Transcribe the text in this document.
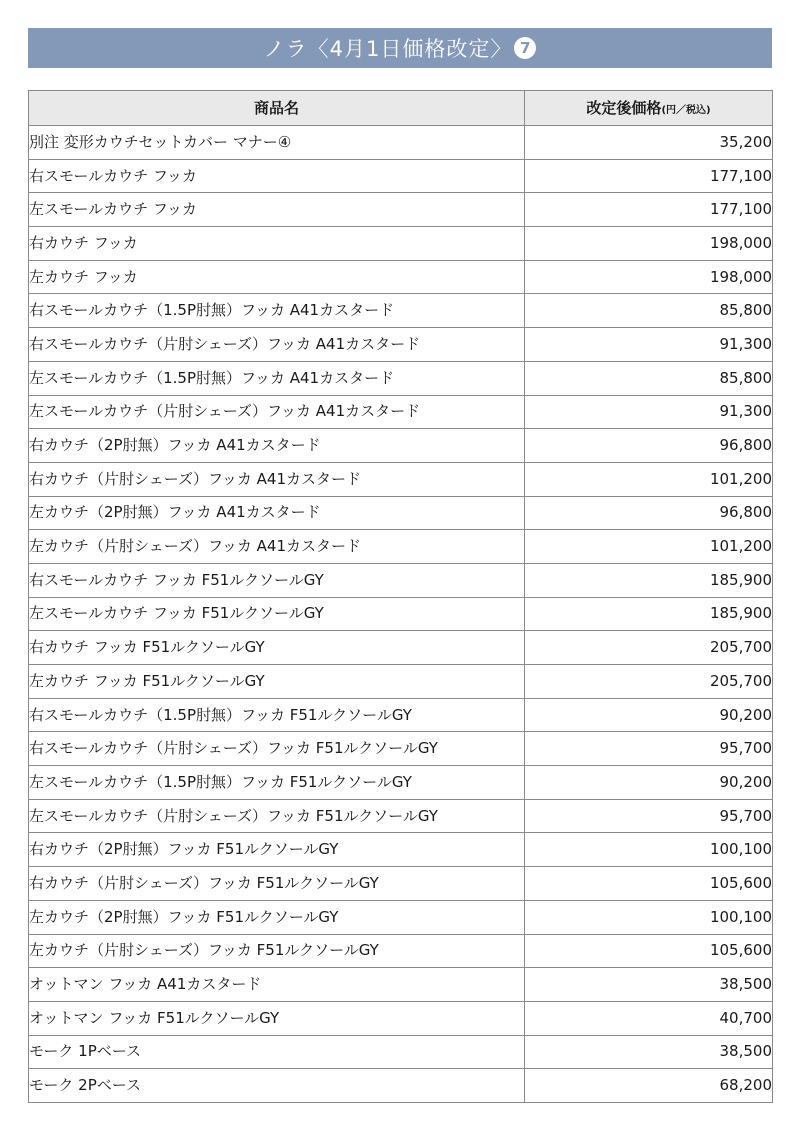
ノラ〈4月1日価格改定〉 7
商品名	改定後価格(円／税込)
別注 変形カウチセットカバー マナー④	35,200
右スモールカウチ フッカ	177,100
左スモールカウチ フッカ	177,100
右カウチ フッカ	198,000
左カウチ フッカ	198,000
右スモールカウチ（1.5P肘無）フッカ A41カスタード	85,800
右スモールカウチ（片肘シェーズ）フッカ A41カスタード	91,300
左スモールカウチ（1.5P肘無）フッカ A41カスタード	85,800
左スモールカウチ（片肘シェーズ）フッカ A41カスタード	91,300
右カウチ（2P肘無）フッカ A41カスタード	96,800
右カウチ（片肘シェーズ）フッカ A41カスタード	101,200
左カウチ（2P肘無）フッカ A41カスタード	96,800
左カウチ（片肘シェーズ）フッカ A41カスタード	101,200
右スモールカウチ フッカ F51ルクソールGY	185,900
左スモールカウチ フッカ F51ルクソールGY	185,900
右カウチ フッカ F51ルクソールGY	205,700
左カウチ フッカ F51ルクソールGY	205,700
右スモールカウチ（1.5P肘無）フッカ F51ルクソールGY	90,200
右スモールカウチ（片肘シェーズ）フッカ F51ルクソールGY	95,700
左スモールカウチ（1.5P肘無）フッカ F51ルクソールGY	90,200
左スモールカウチ（片肘シェーズ）フッカ F51ルクソールGY	95,700
右カウチ（2P肘無）フッカ F51ルクソールGY	100,100
右カウチ（片肘シェーズ）フッカ F51ルクソールGY	105,600
左カウチ（2P肘無）フッカ F51ルクソールGY	100,100
左カウチ（片肘シェーズ）フッカ F51ルクソールGY	105,600
オットマン フッカ A41カスタード	38,500
オットマン フッカ F51ルクソールGY	40,700
モーク 1Pベース	38,500
モーク 2Pベース	68,200
